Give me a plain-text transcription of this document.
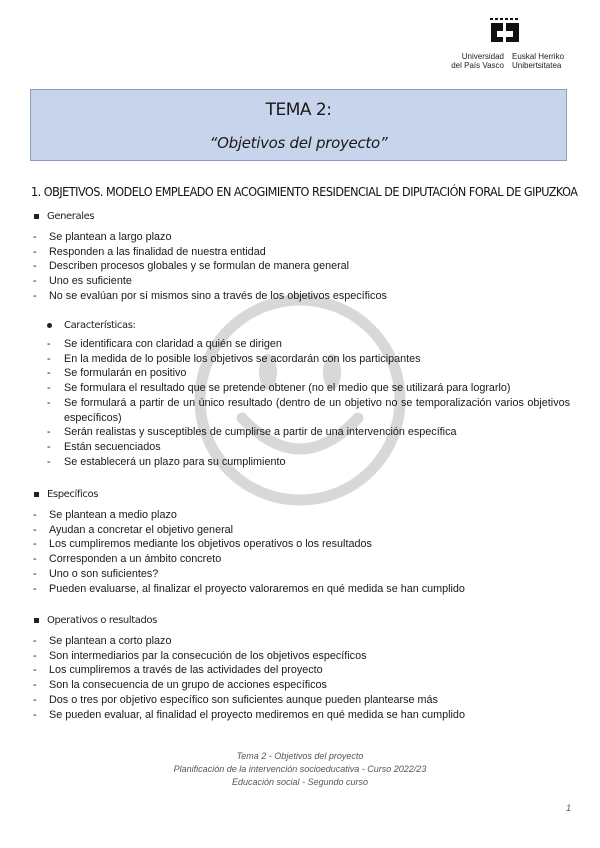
Universidad
del País Vasco
Euskal Herriko
Unibertsitatea
TEMA 2:
“Objetivos del proyecto”
1. OBJETIVOS. MODELO EMPLEADO EN ACOGIMIENTO RESIDENCIAL DE DIPUTACIÓN FORAL DE GIPUZKOA
Generales
- Se plantean a largo plazo
- Responden a las finalidad de nuestra entidad
- Describen procesos globales y se formulan de manera general
- Uno es suficiente
- No se evalúan por sí mismos sino a través de los objetivos específicos
Características:
- Se identificara con claridad a quién se dirigen
- En la medida de lo posible los objetivos se acordarán con los participantes
- Se formularán en positivo
- Se formulara el resultado que se pretende obtener (no el medio que se utilizará para lograrlo)
- Se formulará a partir de un único resultado (dentro de un objetivo no se temporalización varios objetivos específicos)
- Serán realistas y susceptibles de cumplirse a partir de una intervención específica
- Están secuenciados
- Se establecerá un plazo para su cumplimiento
Específicos
- Se plantean a medio plazo
- Ayudan a concretar el objetivo general
- Los cumpliremos mediante los objetivos operativos o los resultados
- Corresponden a un ámbito concreto
- Uno o son suficientes?
- Pueden evaluarse, al finalizar el proyecto valoraremos en qué medida se han cumplido
Operativos o resultados
- Se plantean a corto plazo
- Son intermediarios par la consecución de los objetivos específicos
- Los cumpliremos a través de las actividades del proyecto
- Son la consecuencia de un grupo de acciones específicos
- Dos o tres por objetivo específico son suficientes aunque pueden plantearse más
- Se pueden evaluar, al finalidad el proyecto mediremos en qué medida se han cumplido
Tema 2 - Objetivos del proyecto
Planificación de la intervención socioeducativa - Curso 2022/23
Educación social - Segundo curso
1
